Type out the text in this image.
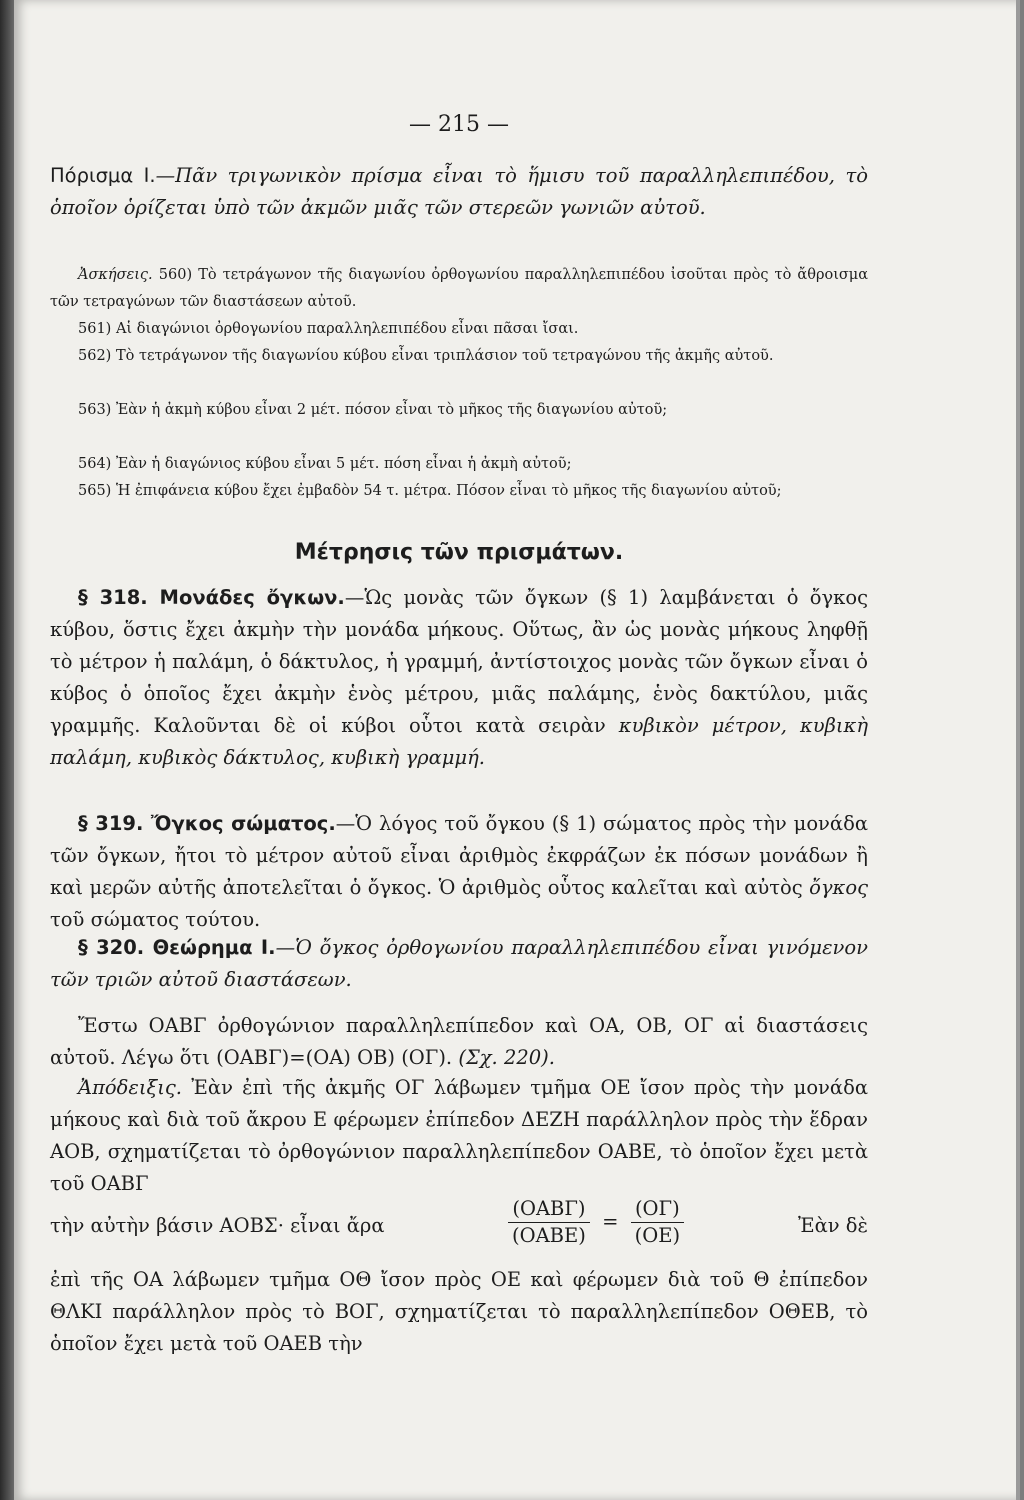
— 215 —
Πόρισμα Ι.—Πᾶν τριγωνικὸν πρίσμα εἶναι τὸ ἥμισυ τοῦ παραλληλεπιπέδου, τὸ ὁποῖον ὁρίζεται ὑπὸ τῶν ἀκμῶν μιᾶς τῶν στερεῶν γωνιῶν αὐτοῦ.
Ἀσκήσεις. 560) Τὸ τετράγωνον τῆς διαγωνίου ὀρθογωνίου παραλληλεπιπέδου ἰσοῦται πρὸς τὸ ἄθροισμα τῶν τετραγώνων τῶν διαστάσεων αὐτοῦ.
561) Αἱ διαγώνιοι ὀρθογωνίου παραλληλεπιπέδου εἶναι πᾶσαι ἴσαι.
562) Τὸ τετράγωνον τῆς διαγωνίου κύβου εἶναι τριπλάσιον τοῦ τετραγώνου τῆς ἀκμῆς αὐτοῦ.
563) Ἐὰν ἡ ἀκμὴ κύβου εἶναι 2 μέτ. πόσον εἶναι τὸ μῆκος τῆς διαγωνίου αὐτοῦ;
564) Ἐὰν ἡ διαγώνιος κύβου εἶναι 5 μέτ. πόση εἶναι ἡ ἀκμὴ αὐτοῦ;
565) Ἡ ἐπιφάνεια κύβου ἔχει ἐμβαδὸν 54 τ. μέτρα. Πόσον εἶναι τὸ μῆκος τῆς διαγωνίου αὐτοῦ;
Μέτρησις τῶν πρισμάτων.
§ 318. Μονάδες ὄγκων.—Ὡς μονὰς τῶν ὄγκων (§ 1) λαμβάνεται ὁ ὄγκος κύβου, ὅστις ἔχει ἀκμὴν τὴν μονάδα μήκους. Οὕτως, ἂν ὡς μονὰς μήκους ληφθῇ τὸ μέτρον ἡ παλάμη, ὁ δάκτυλος, ἡ γραμμή, ἀντίστοιχος μονὰς τῶν ὄγκων εἶναι ὁ κύβος ὁ ὁποῖος ἔχει ἀκμὴν ἑνὸς μέτρου, μιᾶς παλάμης, ἑνὸς δακτύλου, μιᾶς γραμμῆς. Καλοῦνται δὲ οἱ κύβοι οὗτοι κατὰ σειρὰν κυβικὸν μέτρον, κυβικὴ παλάμη, κυβικὸς δάκτυλος, κυβικὴ γραμμή.
§ 319. Ὄγκος σώματος.—Ὁ λόγος τοῦ ὄγκου (§ 1) σώματος πρὸς τὴν μονάδα τῶν ὄγκων, ἤτοι τὸ μέτρον αὐτοῦ εἶναι ἀριθμὸς ἐκφράζων ἐκ πόσων μονάδων ἢ καὶ μερῶν αὐτῆς ἀποτελεῖται ὁ ὄγκος. Ὁ ἀριθμὸς οὗτος καλεῖται καὶ αὐτὸς ὄγκος τοῦ σώματος τούτου.
§ 320. Θεώρημα Ι.—Ὁ ὄγκος ὀρθογωνίου παραλληλεπιπέδου εἶναι γινόμενον τῶν τριῶν αὐτοῦ διαστάσεων.
Ἔστω ΟΑΒΓ ὀρθογώνιον παραλληλεπίπεδον καὶ ΟΑ, ΟΒ, ΟΓ αἱ διαστάσεις αὐτοῦ. Λέγω ὅτι (ΟΑΒΓ)=(ΟΑ) ΟΒ) (ΟΓ). (Σχ. 220).
Ἀπόδειξις. Ἐὰν ἐπὶ τῆς ἀκμῆς ΟΓ λάβωμεν τμῆμα ΟΕ ἴσον πρὸς τὴν μονάδα μήκους καὶ διὰ τοῦ ἄκρου Ε φέρωμεν ἐπίπεδον ΔΕΖΗ παράλληλον πρὸς τὴν ἕδραν ΑΟΒ, σχηματίζεται τὸ ὀρθογώνιον παραλληλεπίπεδον ΟΑΒΕ, τὸ ὁποῖον ἔχει μετὰ τοῦ ΟΑΒΓ
τὴν αὐτὴν βάσιν ΑΟΒΣ· εἶναι ἄρα	$\frac{\text{(ΟΑΒΓ)}}{\text{(ΟΑΒΕ)}} = \frac{(O\Gamma)}{(OE)}$	Ἐὰν δὲ
ἐπὶ τῆς ΟΑ λάβωμεν τμῆμα ΟΘ ἴσον πρὸς ΟΕ καὶ φέρωμεν διὰ τοῦ Θ ἐπίπεδον ΘΛΚΙ παράλληλον πρὸς τὸ ΒΟΓ, σχηματίζεται τὸ παραλληλεπίπεδον ΟΘΕΒ, τὸ ὁποῖον ἔχει μετὰ τοῦ ΟΑΕΒ τὴν
